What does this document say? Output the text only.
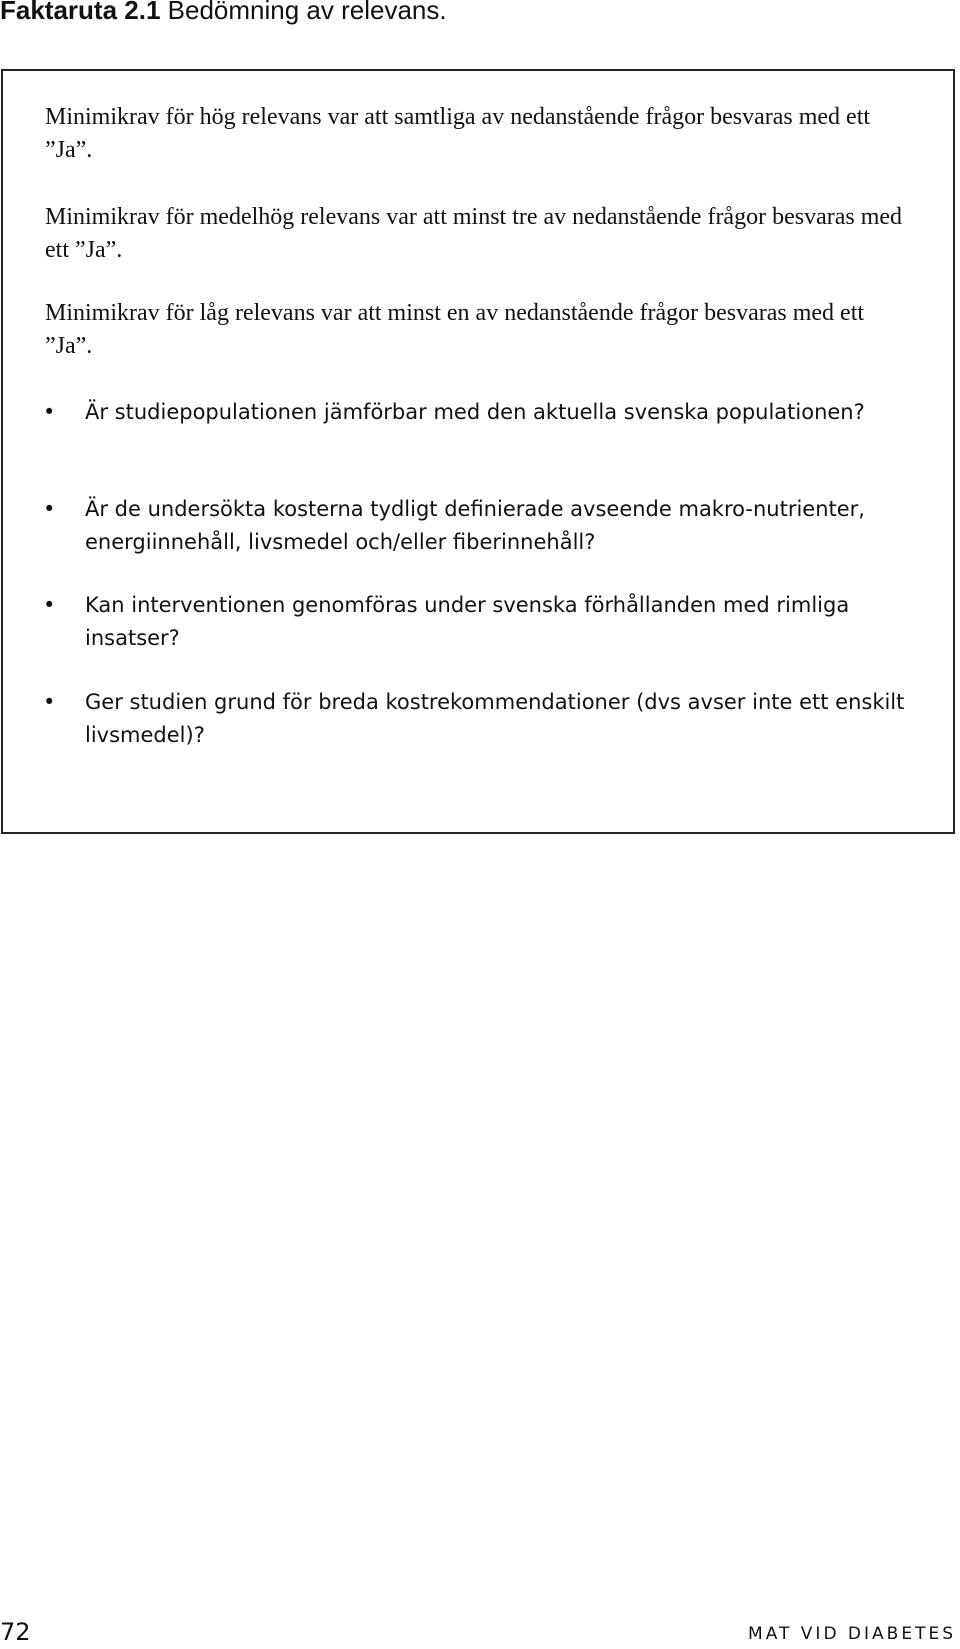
Faktaruta 2.1 Bedömning av relevans.

Minimikrav för hög relevans var att samtliga av nedanstående frågor besvaras med ett ”Ja”.

Minimikrav för medelhög relevans var att minst tre av nedanstående frågor besvaras med ett ”Ja”.

Minimikrav för låg relevans var att minst en av nedanstående frågor besvaras med ett ”Ja”.

•	Är studiepopulationen jämförbar med den aktuella svenska populationen?
•	Är de undersökta kosterna tydligt definierade avseende makro-nutrienter, energiinnehåll, livsmedel och/eller fiberinnehåll?
•	Kan interventionen genomföras under svenska förhållanden med rimliga insatser?
•	Ger studien grund för breda kostrekommendationer (dvs avser inte ett enskilt livsmedel)?
72	MAT VID DIABETES
